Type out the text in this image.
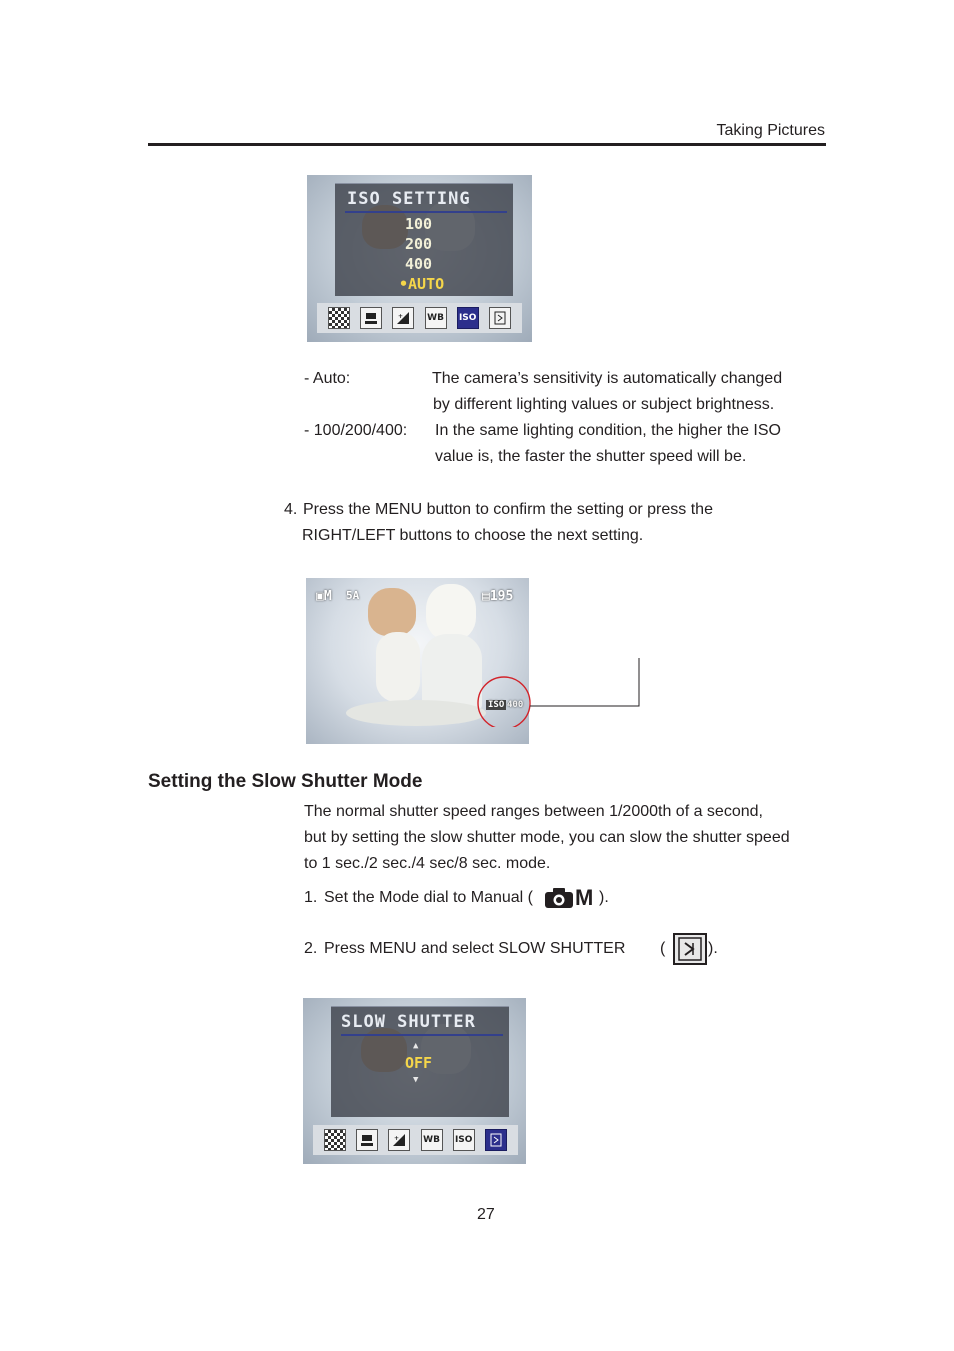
Taking Pictures
ISO SETTING
100
200
400
•AUTO
+	WB ISO
- Auto:	The camera’s sensitivity is automatically changed
by different lighting values or subject brightness.
- 100/200/400: In the same lighting condition, the higher the ISO
value is, the faster the shutter speed will be.
4. Press the MENU button to confirm the setting or press the
RIGHT/LEFT buttons to choose the next setting.
▣M 5A	▤195
ISO 400
Setting the Slow Shutter Mode
The normal shutter speed ranges between 1/2000th of a second,
but by setting the slow shutter mode, you can slow the shutter speed
to 1 sec./2 sec./4 sec/8 sec. mode.
1. Set the Mode dial to Manual ( M ).
2. Press MENU and select SLOW SHUTTER (	).
SLOW SHUTTER
▲
OFF
▼
+	WB ISO
27
